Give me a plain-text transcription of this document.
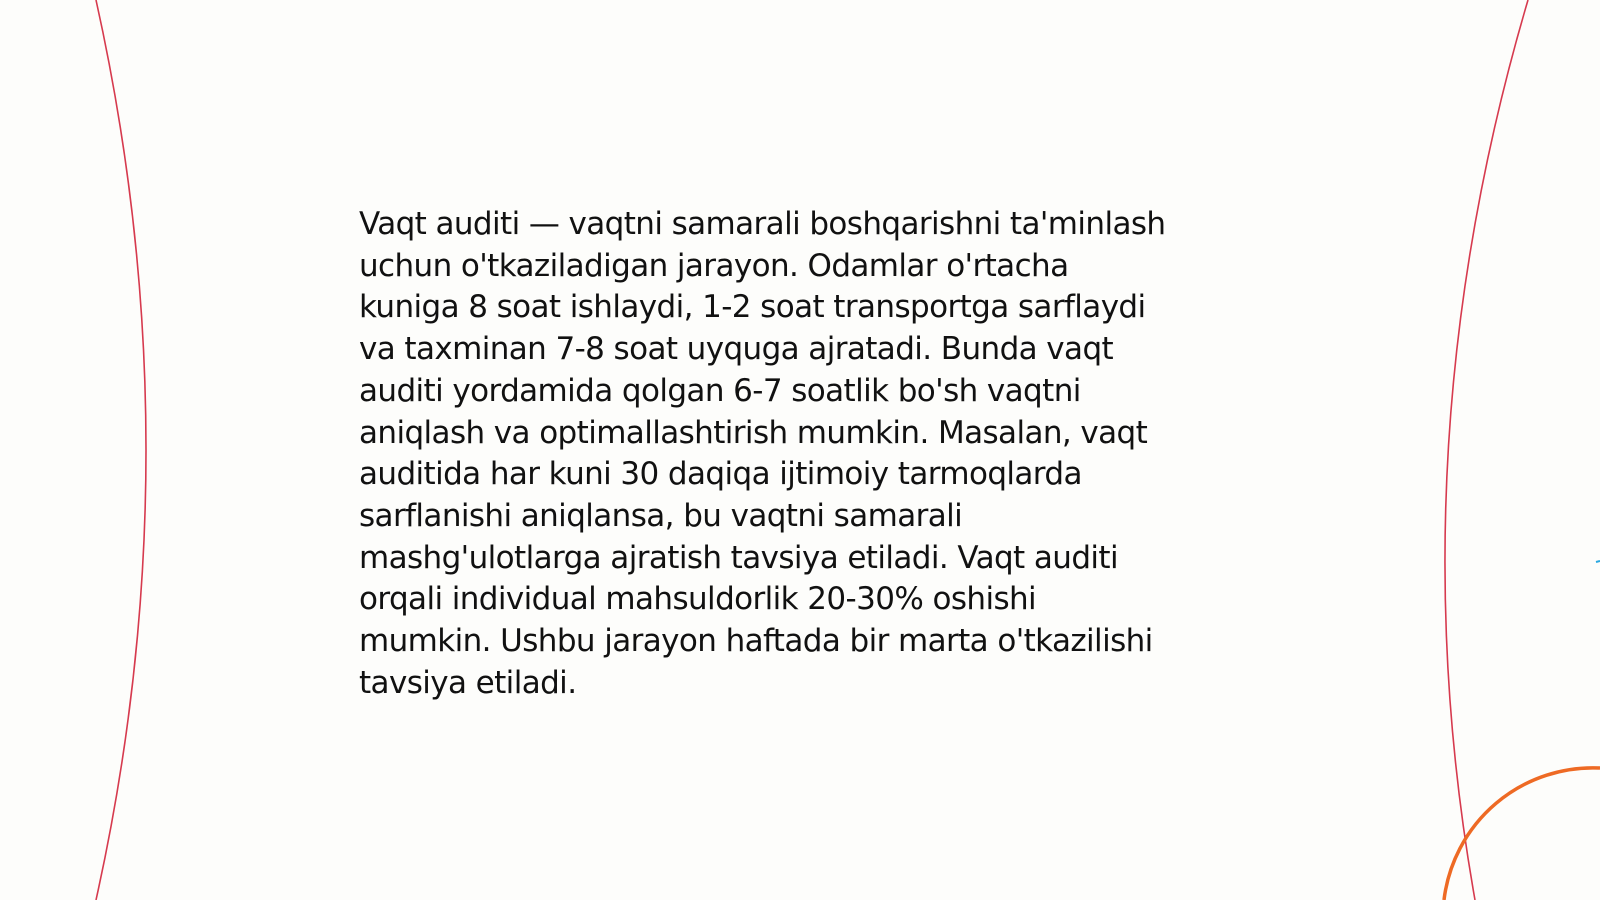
Vaqt auditi — vaqtni samarali boshqarishni ta'minlash
uchun o'tkaziladigan jarayon. Odamlar o'rtacha
kuniga 8 soat ishlaydi, 1-2 soat transportga sarflaydi
va taxminan 7-8 soat uyquga ajratadi. Bunda vaqt
auditi yordamida qolgan 6-7 soatlik bo'sh vaqtni
aniqlash va optimallashtirish mumkin. Masalan, vaqt
auditida har kuni 30 daqiqa ijtimoiy tarmoqlarda
sarflanishi aniqlansa, bu vaqtni samarali
mashg'ulotlarga ajratish tavsiya etiladi. Vaqt auditi
orqali individual mahsuldorlik 20-30% oshishi
mumkin. Ushbu jarayon haftada bir marta o'tkazilishi
tavsiya etiladi.
